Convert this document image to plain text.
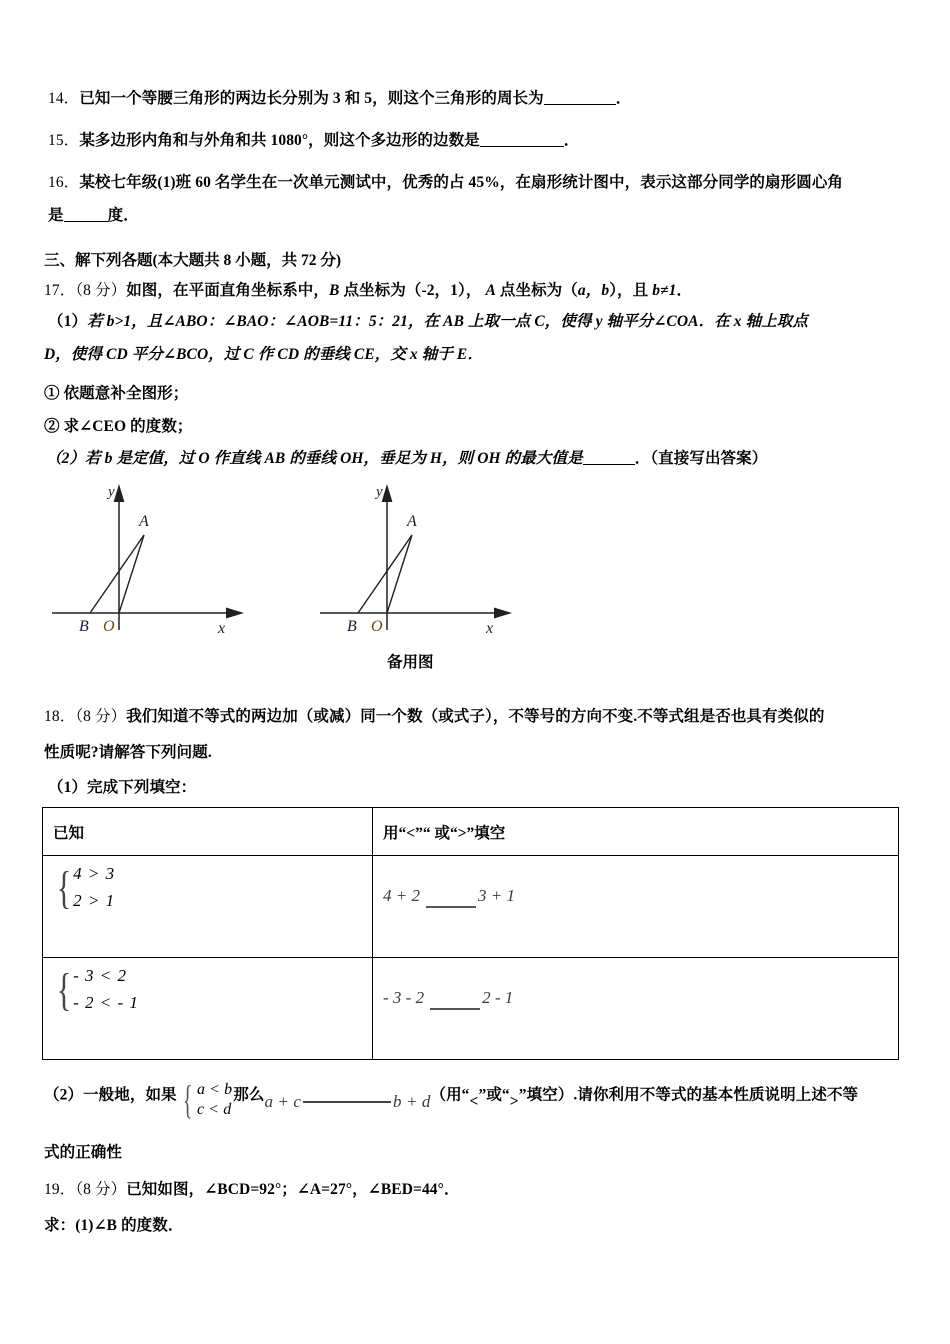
14．已知一个等腰三角形的两边长分别为 3 和 5，则这个三角形的周长为	．
15．某多边形内角和与外角和共 1080°，则这个多边形的边数是	．
16．某校七年级(1)班 60 名学生在一次单元测试中，优秀的占 45%，在扇形统计图中，表示这部分同学的扇形圆心角
是	度．
三、解下列各题(本大题共 8 小题，共 72 分)
17．（8 分）如图，在平面直角坐标系中，B 点坐标为（-2，1）， A 点坐标为（a，b），且 b≠1．
（1）若 b>1，且∠ABO：∠BAO：∠AOB=11：5：21，在 AB 上取一点 C，使得 y 轴平分∠COA．在 x 轴上取点
D，使得 CD 平分∠BCO，过 C 作 CD 的垂线 CE，交 x 轴于 E．
① 依题意补全图形；
② 求∠CEO 的度数；
（2）若 b 是定值，过 O 作直线 AB 的垂线 OH，垂足为 H，则 OH 的最大值是	．（直接写出答案）
A
B O	x
y
A
B O	x
y
备用图
18．（8 分）我们知道不等式的两边加（或减）同一个数（或式子），不等号的方向不变.不等式组是否也具有类似的
性质呢?请解答下列问题.
（1）完成下列填空：
已知	用“<”“ 或“>”填空

{ 4 > 3
2 > 1	4 + 2 3 + 1

{ - 3 < 2
- 2 < - 1	- 3 - 2 2 - 1
（2）一般地，如果 { a < b
c < d
那么a + c	b + d（用“<”或“>”填空）.请你利用不等式的基本性质说明上述不等
式的正确性
19．（8 分）已知如图，∠BCD=92°；∠A=27°，∠BED=44°．
求：(1)∠B 的度数．
